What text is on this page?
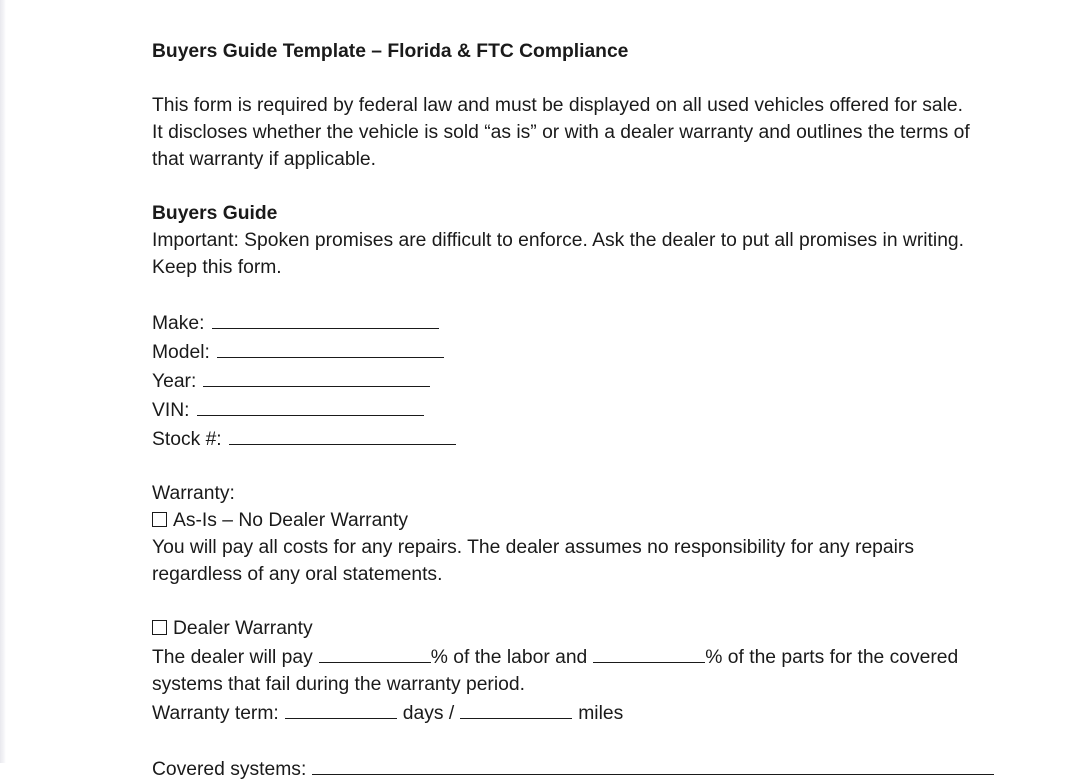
Buyers Guide Template – Florida & FTC Compliance

This form is required by federal law and must be displayed on all used vehicles offered for sale.

It discloses whether the vehicle is sold “as is” or with a dealer warranty and outlines the terms of

that warranty if applicable.

Buyers Guide

Important: Spoken promises are difficult to enforce. Ask the dealer to put all promises in writing.

Keep this form.

Make:
Model:
Year:
VIN:
Stock #:

Warranty:

As-Is – No Dealer Warranty

You will pay all costs for any repairs. The dealer assumes no responsibility for any repairs

regardless of any oral statements.

Dealer Warranty

The dealer will pay	% of the labor and	% of the parts for the covered

systems that fail during the warranty period.

Warranty term:	days /	miles

Covered systems:
